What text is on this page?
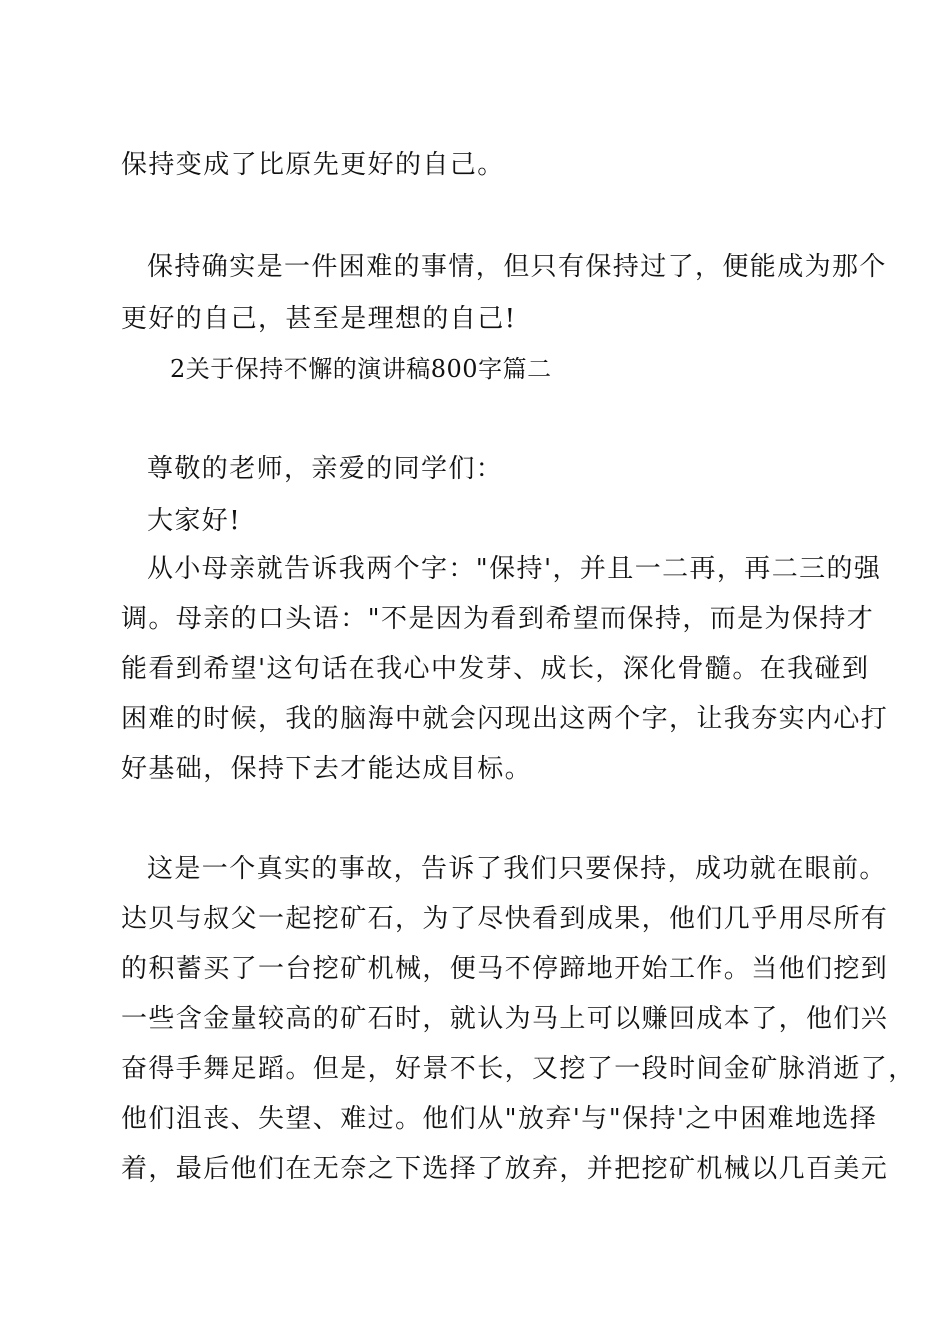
保持变成了比原先更好的自己。
保持确实是一件困难的事情，但只有保持过了，便能成为那个
更好的自己，甚至是理想的自己!
2关于保持不懈的演讲稿800字篇二
尊敬的老师，亲爱的同学们：
大家好!
从小母亲就告诉我两个字："保持'，并且一二再，再二三的强
调。母亲的口头语："不是因为看到希望而保持，而是为保持才
能看到希望'这句话在我心中发芽、成长，深化骨髓。在我碰到
困难的时候，我的脑海中就会闪现出这两个字，让我夯实内心打
好基础，保持下去才能达成目标。
这是一个真实的事故，告诉了我们只要保持，成功就在眼前。
达贝与叔父一起挖矿石，为了尽快看到成果，他们几乎用尽所有
的积蓄买了一台挖矿机械，便马不停蹄地开始工作。当他们挖到
一些含金量较高的矿石时，就认为马上可以赚回成本了，他们兴
奋得手舞足蹈。但是，好景不长，又挖了一段时间金矿脉消逝了，
他们沮丧、失望、难过。他们从"放弃'与"保持'之中困难地选择
着，最后他们在无奈之下选择了放弃，并把挖矿机械以几百美元
